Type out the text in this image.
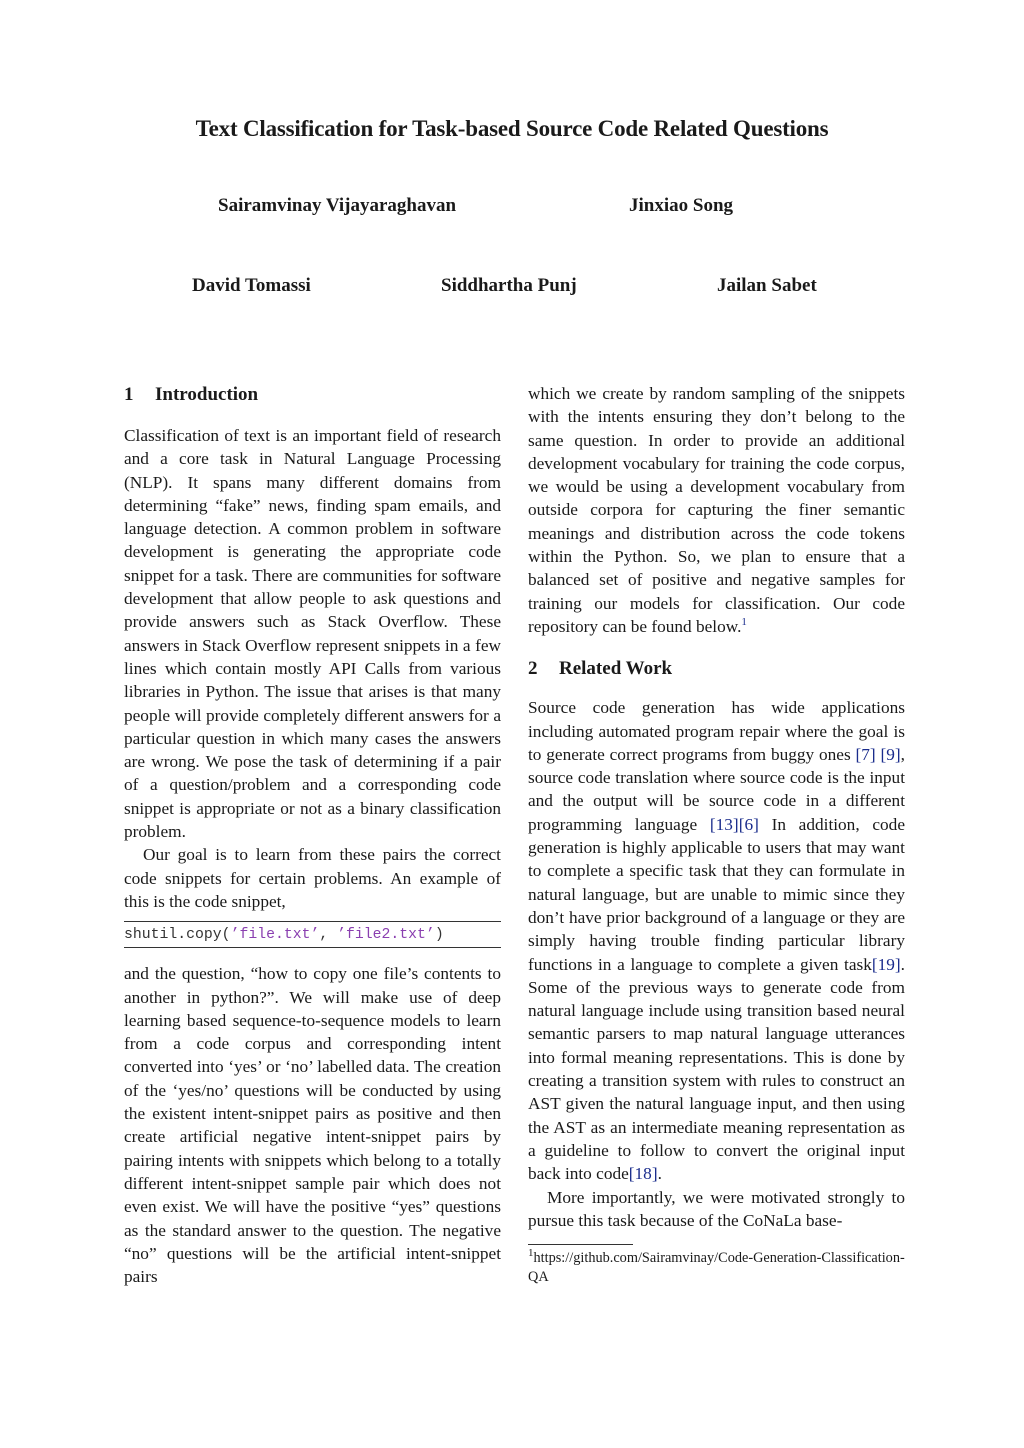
Text Classification for Task-based Source Code Related Questions
Sairamvinay Vijayaraghavan	Jinxiao Song
David Tomassi	Siddhartha Punj	Jailan Sabet
1 Introduction

Classification of text is an important field of research and a core task in Natural Language Processing (NLP). It spans many different domains from determining “fake” news, finding spam emails, and language detection. A common problem in software development is generating the appropriate code snippet for a task. There are communities for software development that allow people to ask questions and provide answers such as Stack Overflow. These answers in Stack Overflow represent snippets in a few lines which contain mostly API Calls from various libraries in Python. The issue that arises is that many people will provide completely different answers for a particular question in which many cases the answers are wrong. We pose the task of determining if a pair of a question/problem and a corresponding code snippet is appropriate or not as a binary classification problem.

Our goal is to learn from these pairs the correct code snippets for certain problems. An example of this is the code snippet,

shutil.copy(’file.txt’, ’file2.txt’)

and the question, “how to copy one file’s contents to another in python?”. We will make use of deep learning based sequence-to-sequence models to learn from a code corpus and corresponding intent converted into ‘yes’ or ‘no’ labelled data. The creation of the ‘yes/no’ questions will be conducted by using the existent intent-snippet pairs as positive and then create artificial negative intent-snippet pairs by pairing intents with snippets which belong to a totally different intent-snippet sample pair which does not even exist. We will have the positive “yes” questions as the standard answer to the question. The negative “no” questions will be the artificial intent-snippet pairs

which we create by random sampling of the snippets with the intents ensuring they don’t belong to the same question. In order to provide an additional development vocabulary for training the code corpus, we would be using a development vocabulary from outside corpora for capturing the finer semantic meanings and distribution across the code tokens within the Python. So, we plan to ensure that a balanced set of positive and negative samples for training our models for classification. Our code repository can be found below.$^1$

2 Related Work

Source code generation has wide applications including automated program repair where the goal is to generate correct programs from buggy ones [7] [9], source code translation where source code is the input and the output will be source code in a different programming language [13][6] In addition, code generation is highly applicable to users that may want to complete a specific task that they can formulate in natural language, but are unable to mimic since they don’t have prior background of a language or they are simply having trouble finding particular library functions in a language to complete a given task[19]. Some of the previous ways to generate code from natural language include using transition based neural semantic parsers to map natural language utterances into formal meaning representations. This is done by creating a transition system with rules to construct an AST given the natural language input, and then using the AST as an intermediate meaning representation as a guideline to follow to convert the original input back into code[18].

More importantly, we were motivated strongly to pursue this task because of the CoNaLa base-

$^1$https://github.com/Sairamvinay/Code-Generation-Classification-QA
